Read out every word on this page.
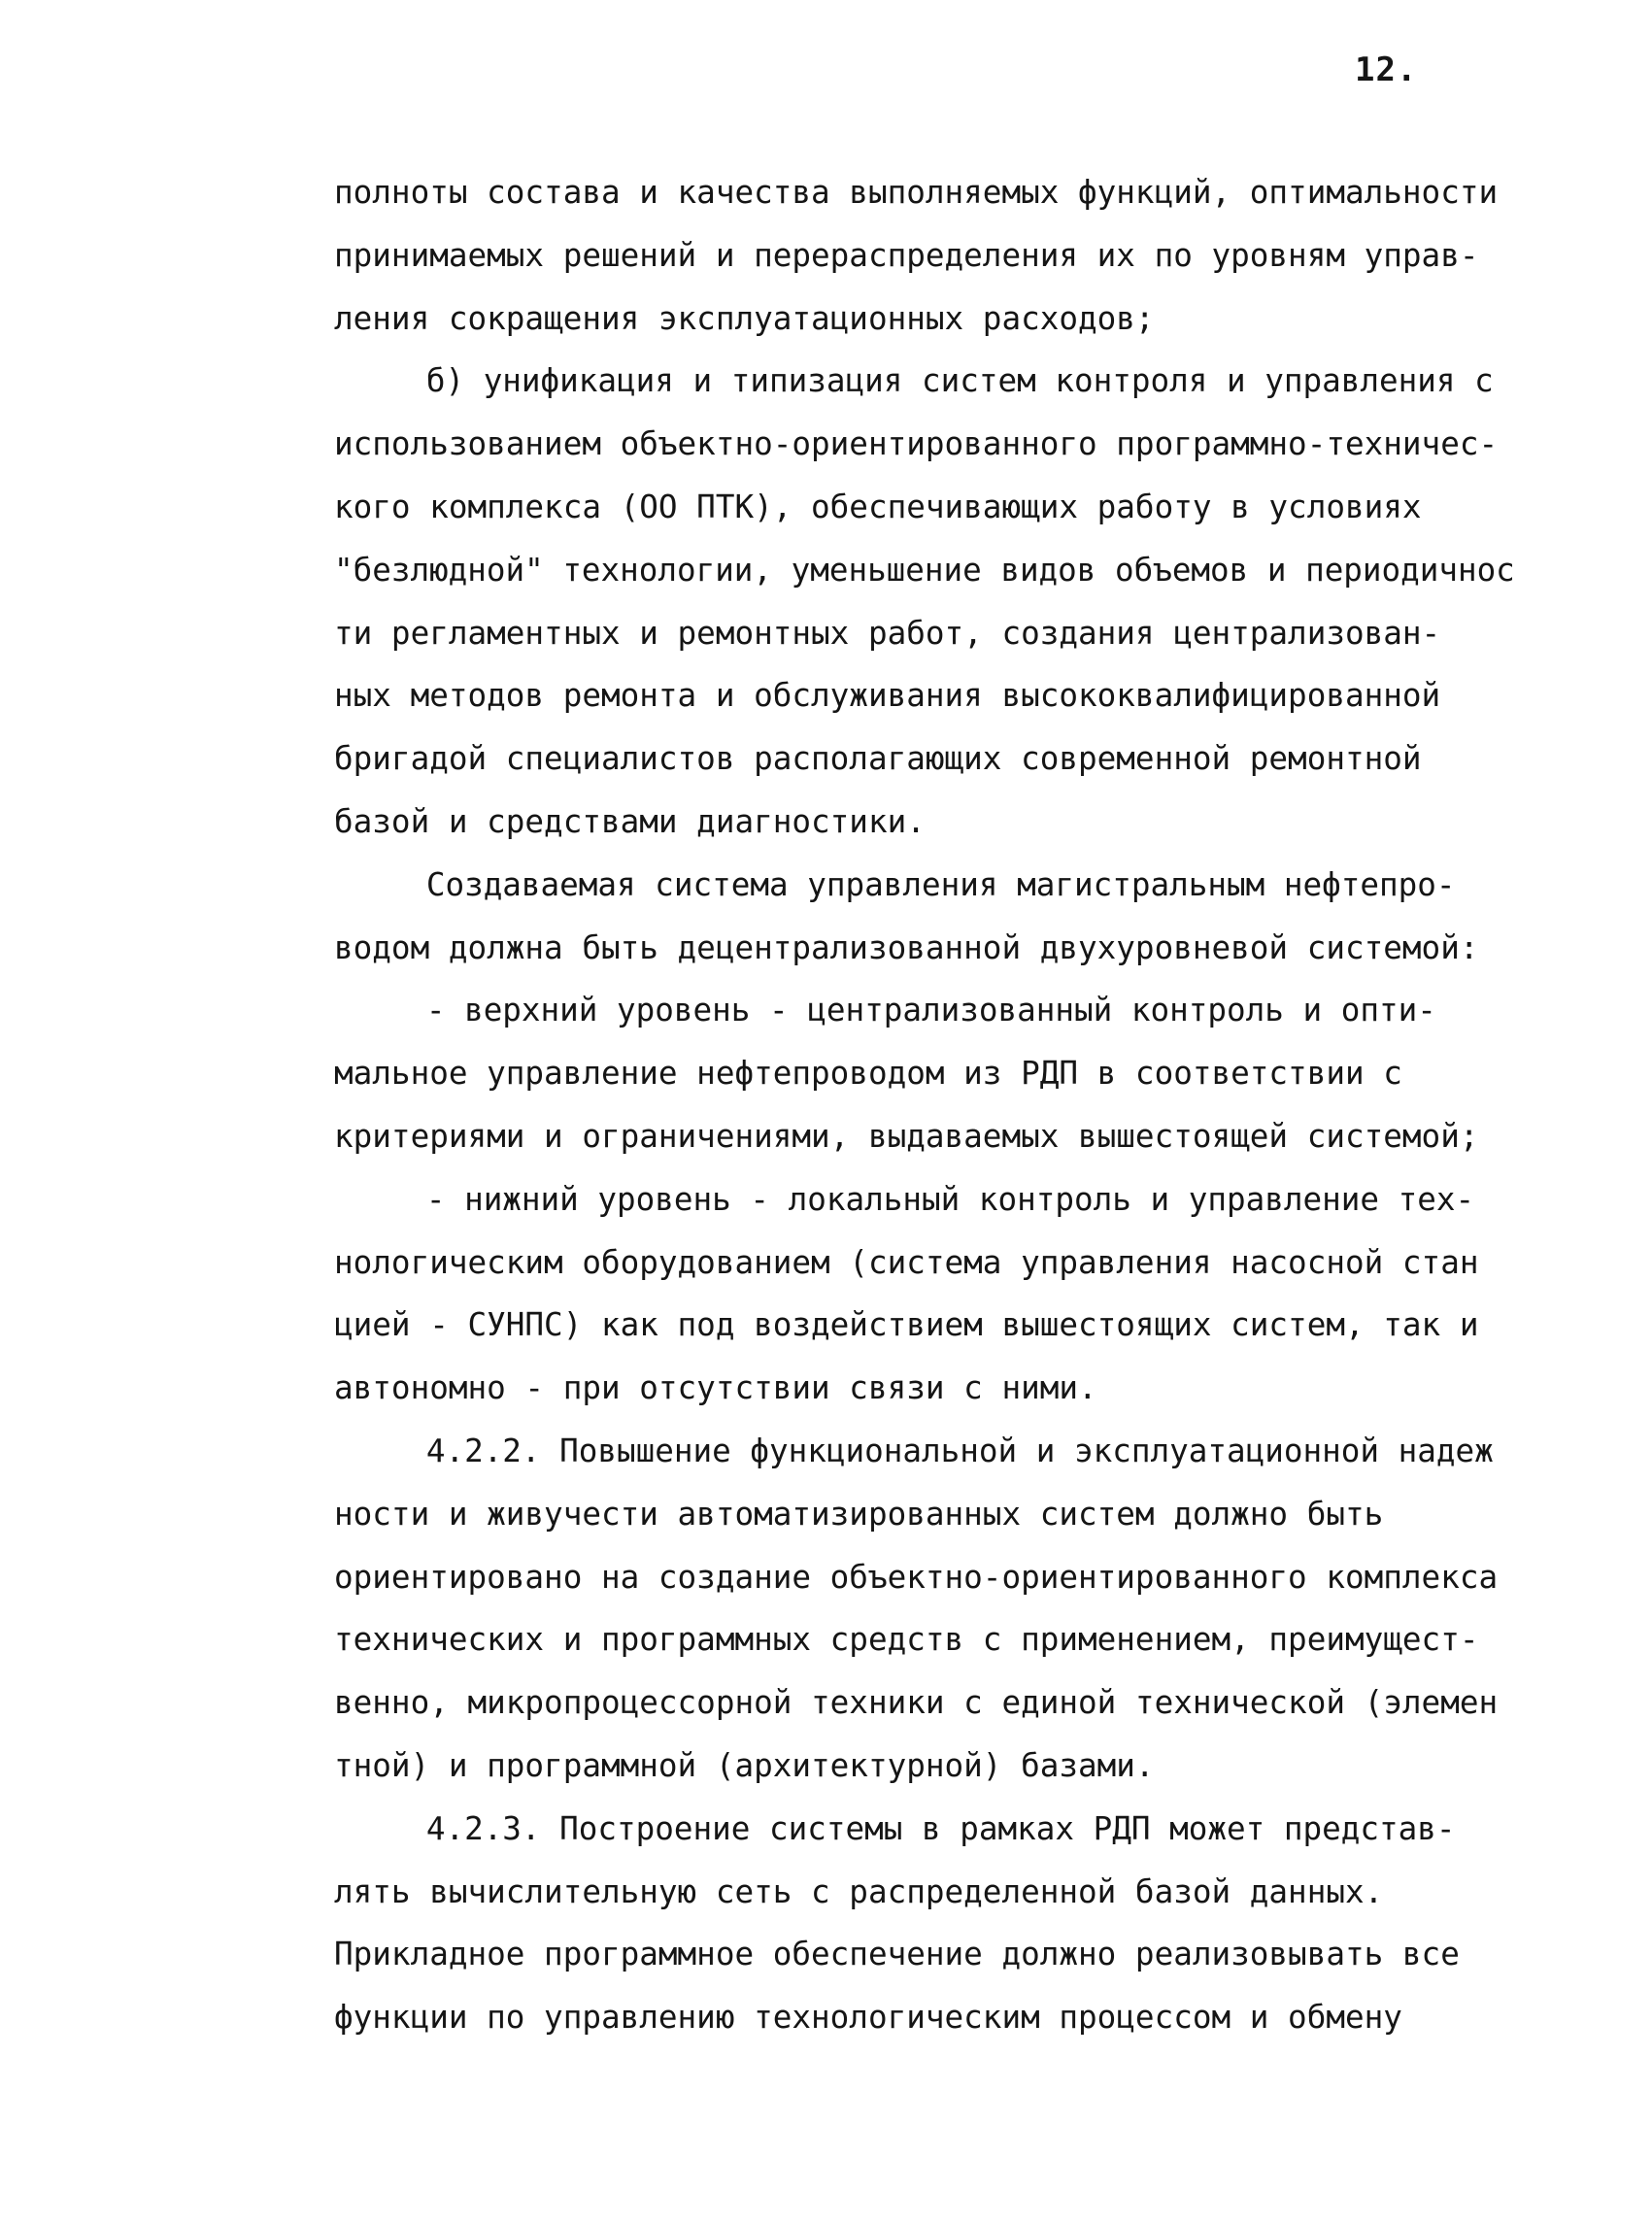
12.
полноты состава и качества выполняемых функций, оптимальности
принимаемых решений и перераспределения их по уровням управ-
ления сокращения эксплуатационных расходов;
б) унификация и типизация систем контроля и управления с
использованием объектно-ориентированного программно-техничес-
кого комплекса (ОО ПТК), обеспечивающих работу в условиях
"безлюдной" технологии, уменьшение видов объемов и периодичнос
ти регламентных и ремонтных работ, создания централизован-
ных методов ремонта и обслуживания высококвалифицированной
бригадой специалистов располагающих современной ремонтной
базой и средствами диагностики.
Создаваемая система управления магистральным нефтепро-
водом должна быть децентрализованной двухуровневой системой:
- верхний уровень - централизованный контроль и опти-
мальное управление нефтепроводом из РДП в соответствии с
критериями и ограничениями, выдаваемых вышестоящей системой;
- нижний уровень - локальный контроль и управление тех-
нологическим оборудованием (система управления насосной стан
цией - СУНПС) как под воздействием вышестоящих систем, так и
автономно - при отсутствии связи с ними.
4.2.2. Повышение функциональной и эксплуатационной надеж
ности и живучести автоматизированных систем должно быть
ориентировано на создание объектно-ориентированного комплекса
технических и программных средств с применением, преимущест-
венно, микропроцессорной техники с единой технической (элемен
тной) и программной (архитектурной) базами.
4.2.3. Построение системы в рамках РДП может представ-
лять вычислительную сеть с распределенной базой данных.
Прикладное программное обеспечение должно реализовывать все
функции по управлению технологическим процессом и обмену
